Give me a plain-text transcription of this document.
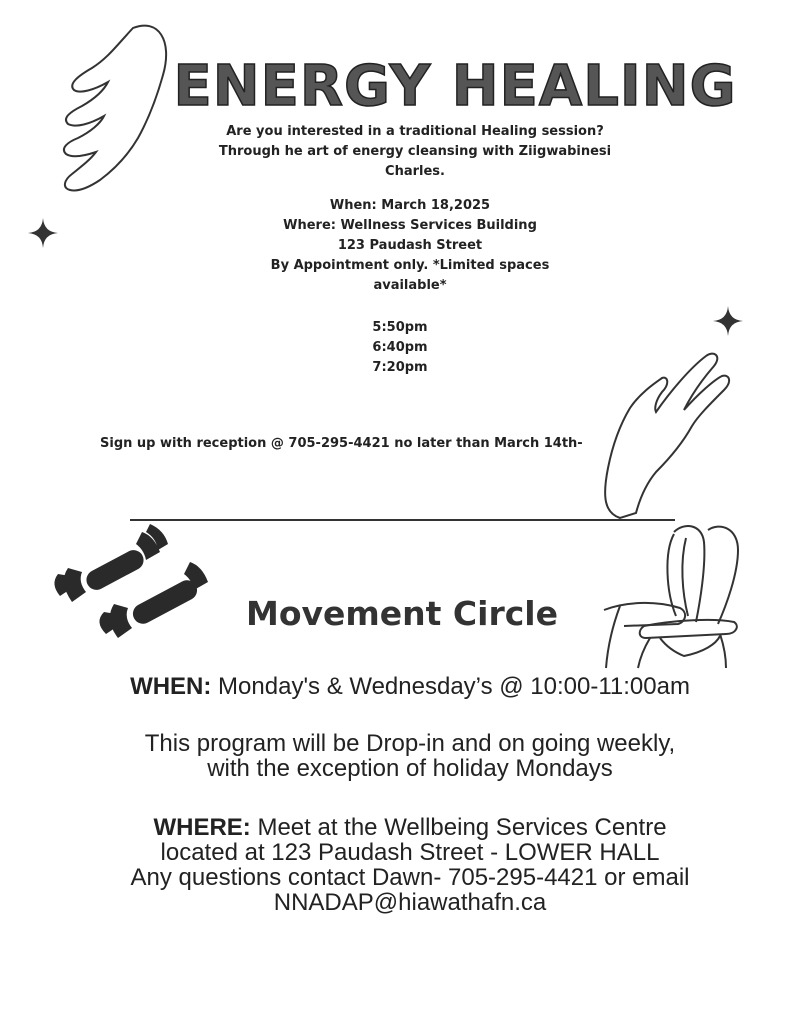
ENERGY HEALING
Are you interested in a traditional Healing session?
Through he art of energy cleansing with Ziigwabinesi
Charles.
When: March 18,2025
Where: Wellness Services Building
123 Paudash Street
By Appointment only. *Limited spaces
available*
5:50pm
6:40pm
7:20pm
Sign up with reception @ 705-295-4421 no later than March 14th-
Movement Circle
WHEN: Monday's & Wednesday’s @ 10:00-11:00am
This program will be Drop-in and on going weekly,
with the exception of holiday Mondays
WHERE: Meet at the Wellbeing Services Centre
located at 123 Paudash Street - LOWER HALL
Any questions contact Dawn- 705-295-4421 or email
NNADAP@hiawathafn.ca
